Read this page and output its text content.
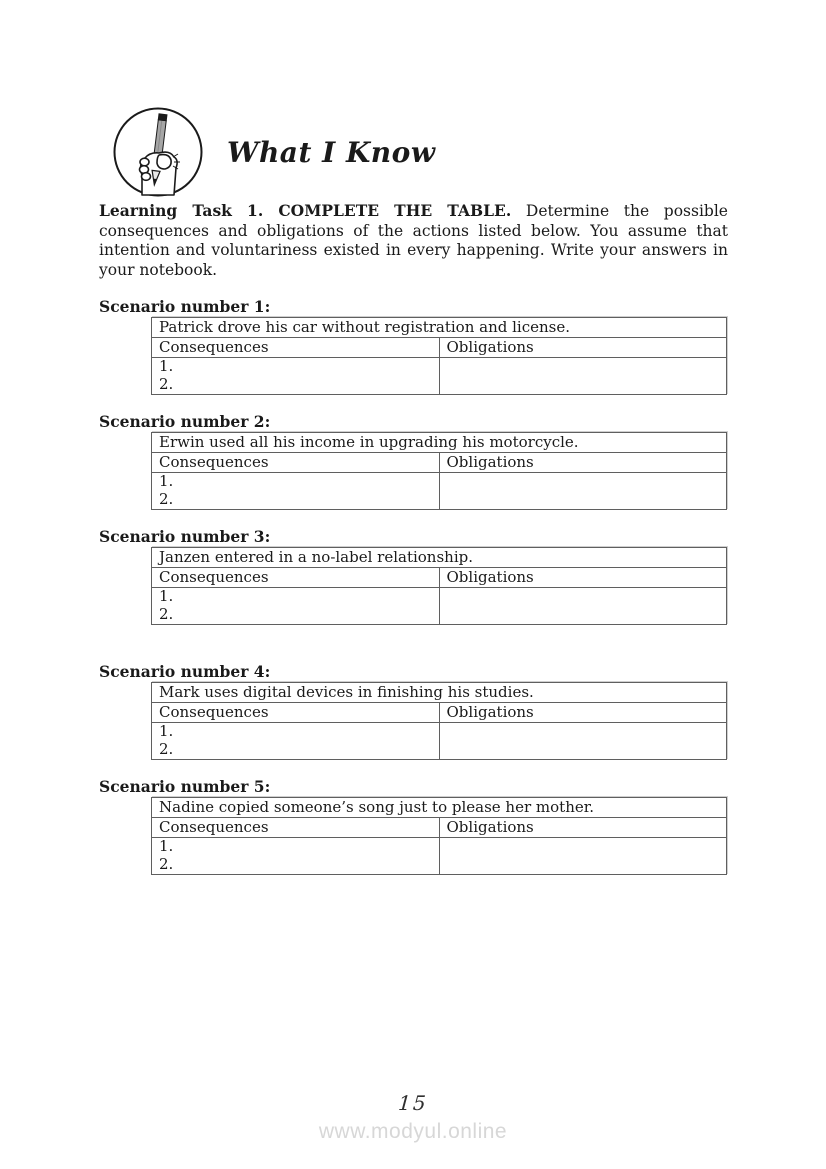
What I Know

Learning Task 1. COMPLETE THE TABLE. Determine the possible consequences and obligations of the actions listed below. You assume that intention and voluntariness existed in every happening. Write your answers in your notebook.

Scenario number 1:
Patrick drove his car without registration and license.	
Consequences	Obligations

1.
2.	

Scenario number 2:
Erwin used all his income in upgrading his motorcycle.	
Consequences	Obligations

1.
2.	

Scenario number 3:
Janzen entered in a no-label relationship.	
Consequences	Obligations

1.
2.	

Scenario number 4:
Mark uses digital devices in finishing his studies.	
Consequences	Obligations

1.
2.	

Scenario number 5:
Nadine copied someone’s song just to please her mother.	
Consequences	Obligations

1.
2.	

15
www.modyul.online
